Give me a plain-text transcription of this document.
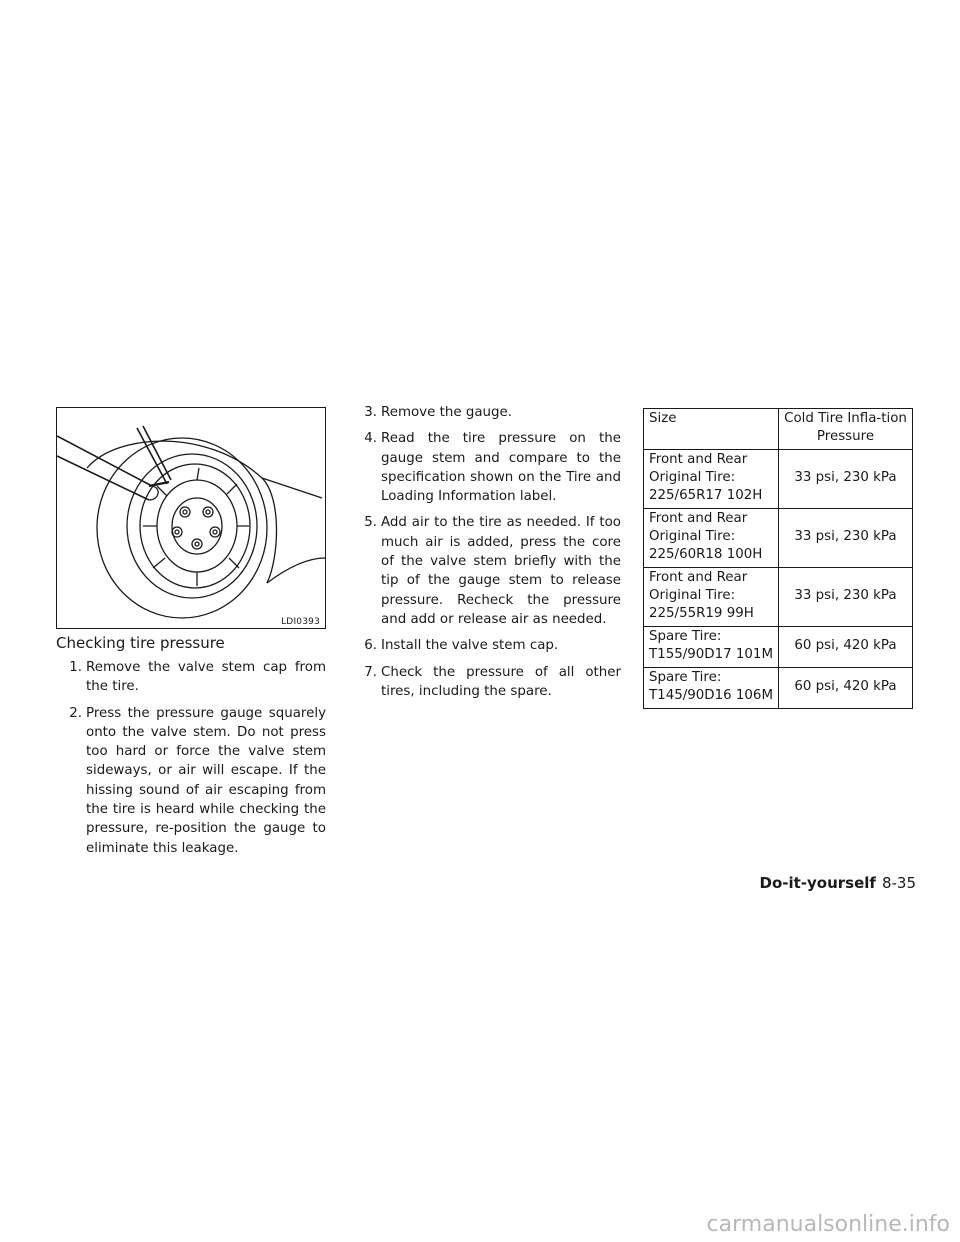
LDI0393
Checking tire pressure
1. Remove the valve stem cap from the tire.
2. Press the pressure gauge squarely onto the valve stem. Do not press too hard or force the valve stem sideways, or air will escape. If the hissing sound of air escaping from the tire is heard while checking the pressure, re-position the gauge to eliminate this leakage.
3. Remove the gauge.
4. Read the tire pressure on the gauge stem and compare to the specification shown on the Tire and Loading Information label.
5. Add air to the tire as needed. If too much air is added, press the core of the valve stem briefly with the tip of the gauge stem to release pressure. Recheck the pressure and add or release air as needed.
6. Install the valve stem cap.
7. Check the pressure of all other tires, including the spare.
Size	Cold Tire Infla-tion Pressure
Front and Rear Original Tire: 225/65R17 102H	33 psi, 230 kPa
Front and Rear Original Tire: 225/60R18 100H	33 psi, 230 kPa
Front and Rear Original Tire: 225/55R19 99H	33 psi, 230 kPa
Spare Tire: T155/90D17 101M	60 psi, 420 kPa
Spare Tire: T145/90D16 106M	60 psi, 420 kPa
Do-it-yourself 8-35
carmanualsonline.info
